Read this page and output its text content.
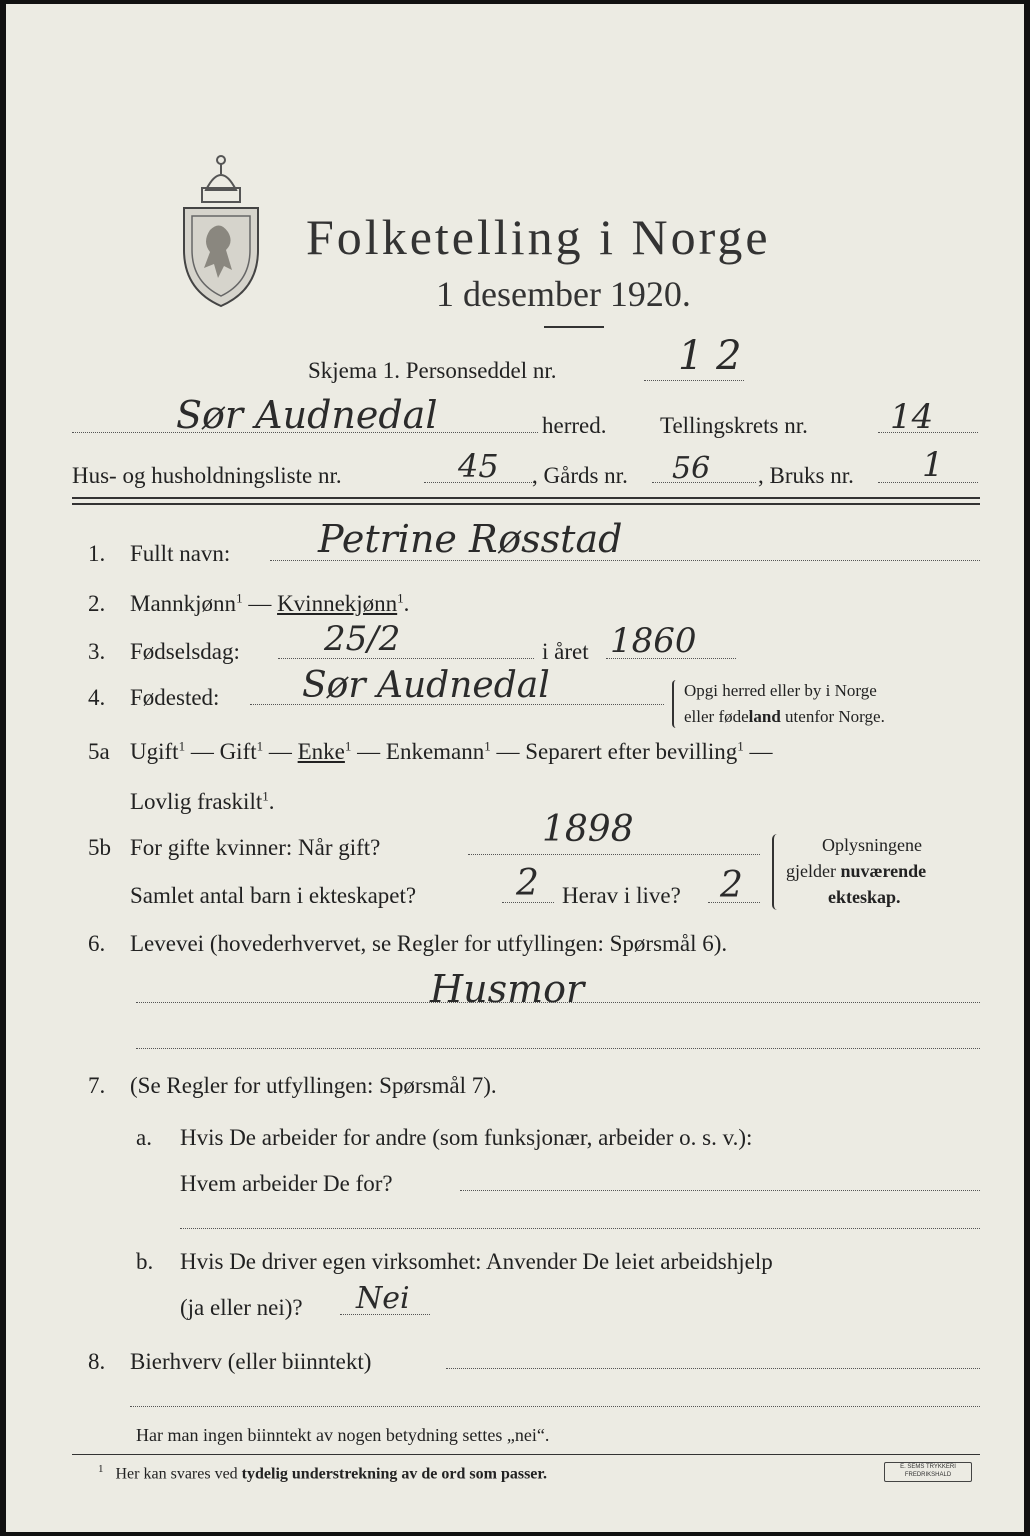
Folketelling i Norge
1 desember 1920.
Skjema 1. Personseddel nr.	1 2
Sør Audnedal	herred. Tellingskrets nr. 14
Hus- og husholdningsliste nr.	45 , Gårds nr. 56 , Bruks nr. 1
1. Fullt navn: Petrine Røsstad
2. Mannkjønn$^1$ — Kvinnekjønn$^1$.
3. Fødselsdag: 25/2	i året 1860
4. Fødested: Sør Audnedal	Opgi herred eller by i Norge
eller fødeland utenfor Norge.
5a Ugift$^1$ — Gift$^1$ — Enke$^1$ — Enkemann$^1$ — Separert efter bevilling$^1$ —
Lovlig fraskilt$^1$.
5b For gifte kvinner: Når gift?	1898
Samlet antal barn i ekteskapet?	2 Herav i live? 2
Oplysningene
gjelder nuværende
ekteskap.
6. Levevei (hovederhvervet, se Regler for utfyllingen: Spørsmål 6).
Husmor
7. (Se Regler for utfyllingen: Spørsmål 7).
a. Hvis De arbeider for andre (som funksjonær, arbeider o. s. v.):
Hvem arbeider De for?
b. Hvis De driver egen virksomhet: Anvender De leiet arbeidshjelp
(ja eller nei)? Nei
8. Bierhverv (eller biinntekt)
Har man ingen biinntekt av nogen betydning settes „nei“.
$^1$ Her kan svares ved tydelig understrekning av de ord som passer.	E. SEMS TRYKKERI
FREDRIKSHALD
